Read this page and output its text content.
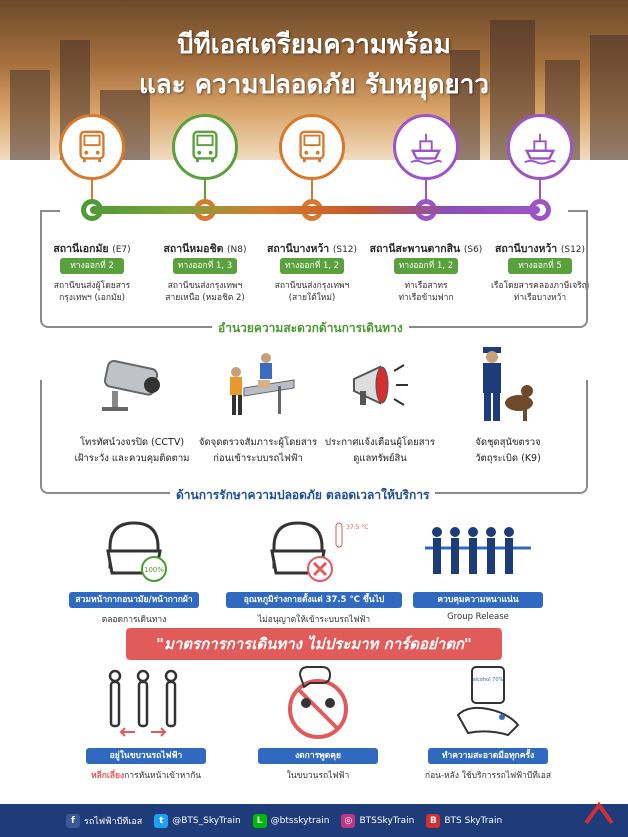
บีทีเอสเตรียมความพร้อม
และ ความปลอดภัย รับหยุดยาว
สถานีเอกมัย (E7)
ทางออกที่ 2
สถานีขนส่งผู้โดยสาร
กรุงเทพฯ (เอกมัย)
สถานีหมอชิต (N8)
ทางออกที่ 1, 3
สถานีขนส่งกรุงเทพฯ
สายเหนือ (หมอชิต 2)
สถานีบางหว้า (S12)
ทางออกที่ 1, 2
สถานีขนส่งกรุงเทพฯ
(สายใต้ใหม่)
สถานีสะพานตากสิน (S6)
ทางออกที่ 1, 2
ท่าเรือสาทร
ท่าเรือข้ามฟาก
สถานีบางหว้า (S12)
ทางออกที่ 5
เรือโดยสารคลองภาษีเจริญ
ท่าเรือบางหว้า
อำนวยความสะดวกด้านการเดินทาง
โทรทัศน์วงจรปิด (CCTV)
เฝ้าระวัง และควบคุมติดตาม
จัดจุดตรวจสัมภาระผู้โดยสาร
ก่อนเข้าระบบรถไฟฟ้า
ประกาศแจ้งเตือนผู้โดยสาร
ดูแลทรัพย์สิน
จัดชุดสุนัขตรวจ
วัตถุระเบิด (K9)
ด้านการรักษาความปลอดภัย ตลอดเวลาให้บริการ
100%
สวมหน้ากากอนามัย/หน้ากากผ้า
ตลอดการเดินทาง
37.5 °C
อุณหภูมิร่างกายตั้งแต่ 37.5 °C ขึ้นไป
ไม่อนุญาตให้เข้าระบบรถไฟฟ้า
ควบคุมความหนาแน่น
Group Release
"มาตรการการเดินทาง ไม่ประมาท การ์ดอย่าตก"
อยู่ในขบวนรถไฟฟ้า
หลีกเลี่ยงการหันหน้าเข้าหากัน
งดการพูดคุย
ในขบวนรถไฟฟ้า
alcohol 70%
ทำความสะอาดมือทุกครั้ง
ก่อน-หลัง ใช้บริการรถไฟฟ้าบีทีเอส
f	รถไฟฟ้าบีทีเอส	t @BTS_SkyTrain	L @btsskytrain	◎ BTSSkyTrain	B BTS SkyTrain
BTS
